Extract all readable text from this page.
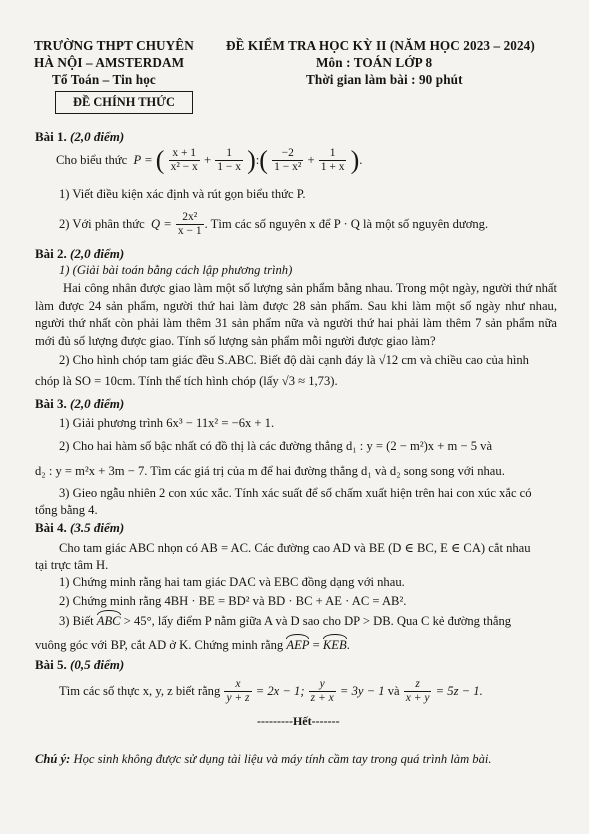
TRƯỜNG THPT CHUYÊN
HÀ NỘI – AMSTERDAM
Tổ Toán – Tin học
ĐỀ CHÍNH THỨC
ĐỀ KIỂM TRA HỌC KỲ II (NĂM HỌC 2023 – 2024)
Môn : TOÁN LỚP 8
Thời gian làm bài : 90 phút
Bài 1. (2,0 điểm)
Cho biểu thức  P = ( $\frac{x + 1}{\text{x² − x}} + \frac{1}{1 - x}$ ):( $\frac{-2}{\text{1 − x²}} + \frac{1}{1 + x}$ ).
1) Viết điều kiện xác định và rút gọn biểu thức P.
2) Với phân thức  $Q = \frac{\text{2x²}}{x - 1}$ . Tìm các số nguyên x để P · Q là một số nguyên dương.
Bài 2. (2,0 điểm)
1) (Giải bài toán bằng cách lập phương trình)
Hai công nhân được giao làm một số lượng sản phẩm bằng nhau. Trong một ngày, người thứ nhất làm được 24 sản phẩm, người thứ hai làm được 28 sản phẩm. Sau khi làm một số ngày như nhau, người thứ nhất còn phải làm thêm 31 sản phẩm nữa và người thứ hai phải làm thêm 7 sản phẩm nữa mới đủ số lượng được giao. Tính số lượng sản phẩm mỗi người được giao làm?
2) Cho hình chóp tam giác đều S.ABC. Biết độ dài cạnh đáy là √12 cm và chiều cao của hình
chóp là SO = 10cm. Tính thể tích hình chóp (lấy √3 ≈ 1,73).
Bài 3. (2,0 điểm)
1) Giải phương trình 6x³ − 11x² = −6x + 1.
2) Cho hai hàm số bậc nhất có đồ thị là các đường thẳng d₁ : y = (2 − m²)x + m − 5 và
d₂ : y = m²x + 3m − 7. Tìm các giá trị của m để hai đường thẳng d₁ và d₂ song song với nhau.
3) Gieo ngẫu nhiên 2 con xúc xắc. Tính xác suất để số chấm xuất hiện trên hai con xúc xắc có
tổng bằng 4.
Bài 4. (3.5 điểm)
Cho tam giác ABC nhọn có AB = AC. Các đường cao AD và BE (D ∈ BC, E ∈ CA) cắt nhau
tại trực tâm H.
1) Chứng minh rằng hai tam giác DAC và EBC đồng dạng với nhau.
2) Chứng minh rằng 4BH · BE = BD² và BD · BC + AE · AC = AB².
3) Biết ABC > 45°, lấy điểm P nằm giữa A và D sao cho DP > DB. Qua C kẻ đường thẳng
vuông góc với BP, cắt AD ở K. Chứng minh rằng AEP = KEB.
Bài 5. (0,5 điểm)
Tìm các số thực x, y, z biết rằng $\frac{x}{y + z} = 2x - 1$; $\frac{y}{z + x} = 3y - 1$ và $\frac{z}{x + y} = 5z - 1$.
---------Hết-------
Chú ý: Học sinh không được sử dụng tài liệu và máy tính cầm tay trong quá trình làm bài.
